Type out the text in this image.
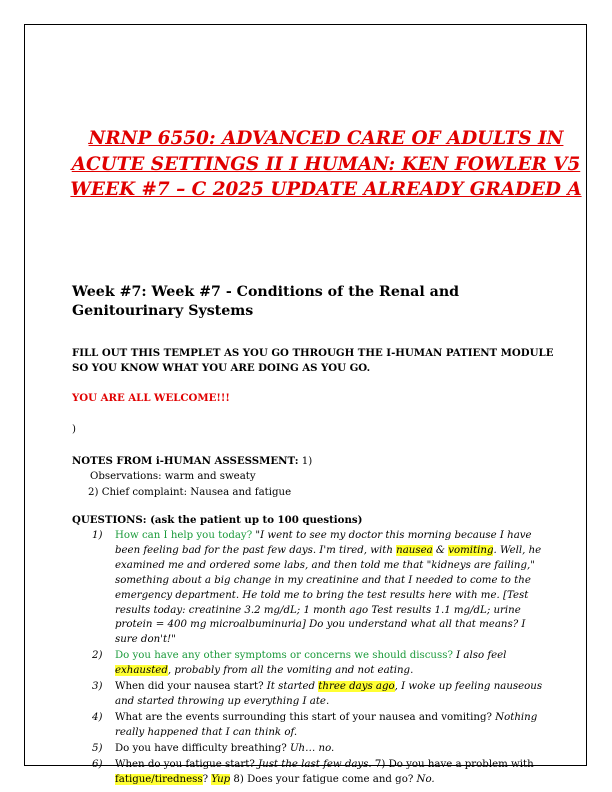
NRNP 6550: ADVANCED CARE OF ADULTS IN ACUTE SETTINGS II I HUMAN: KEN FOWLER V5 WEEK #7 – C 2025 UPDATE ALREADY GRADED A
Week #7: Week #7 - Conditions of the Renal and Genitourinary Systems
FILL OUT THIS TEMPLET AS YOU GO THROUGH THE I-HUMAN PATIENT MODULE SO YOU KNOW WHAT YOU ARE DOING AS YOU GO.
YOU ARE ALL WELCOME!!!
)
NOTES FROM i-HUMAN ASSESSMENT: 1)
Observations: warm and sweaty
2) Chief complaint: Nausea and fatigue
QUESTIONS: (ask the patient up to 100 questions)
1) How can I help you today? "I went to see my doctor this morning because I have been feeling bad for the past few days. I'm tired, with nausea & vomiting. Well, he examined me and ordered some labs, and then told me that "kidneys are failing," something about a big change in my creatinine and that I needed to come to the emergency department. He told me to bring the test results here with me. [Test results today: creatinine 3.2 mg/dL; 1 month ago Test results 1.1 mg/dL; urine protein = 400 mg microalbuminuria] Do you understand what all that means? I sure don't!"
2) Do you have any other symptoms or concerns we should discuss? I also feel exhausted, probably from all the vomiting and not eating.
3) When did your nausea start? It started three days ago, I woke up feeling nauseous and started throwing up everything I ate.
4) What are the events surrounding this start of your nausea and vomiting? Nothing really happened that I can think of.
5) Do you have difficulty breathing? Uh… no.
6) When do you fatigue start? Just the last few days. 7) Do you have a problem with fatigue/tiredness? Yup 8) Does your fatigue come and go? No.
